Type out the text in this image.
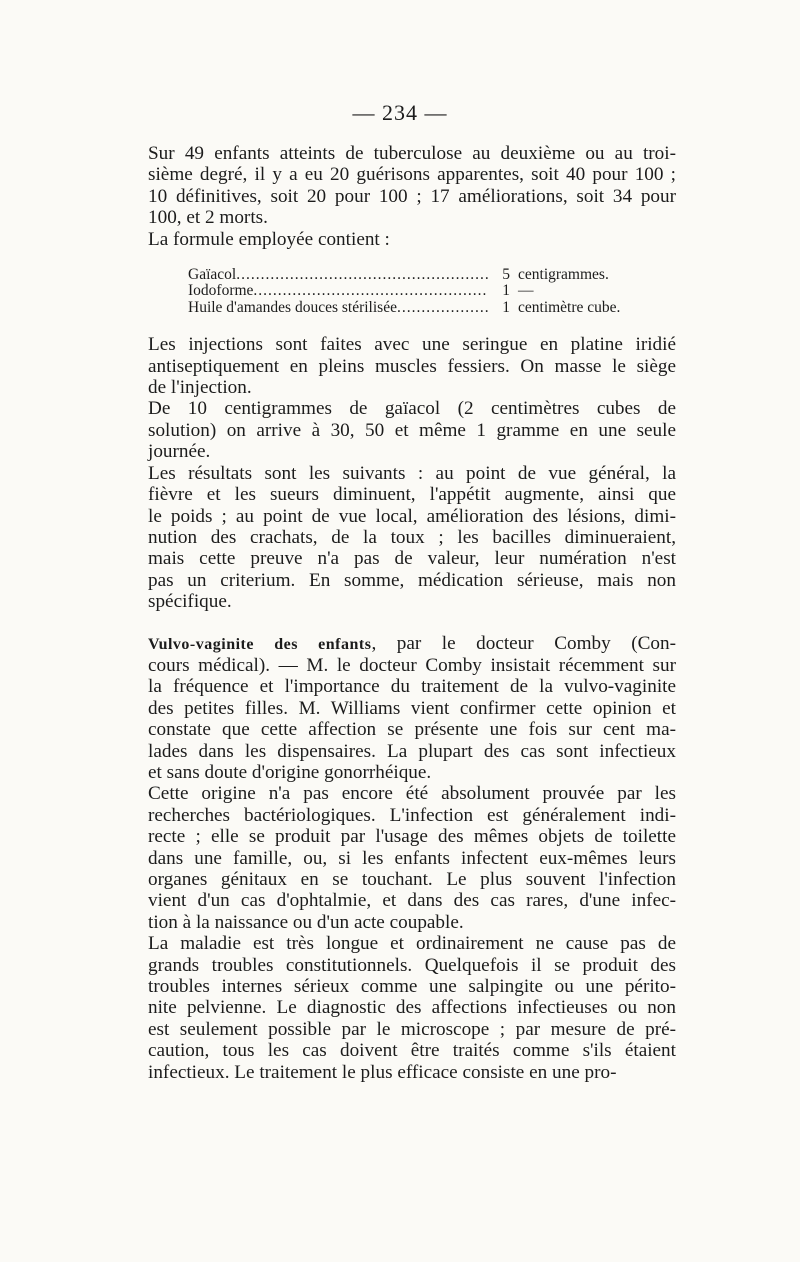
— 234 —

Sur 49 enfants atteints de tuberculose au deuxième ou au troi-
sième degré, il y a eu 20 guérisons apparentes, soit 40 pour 100 ;
10 définitives, soit 20 pour 100 ; 17 améliorations, soit 34 pour
100, et 2 morts.

La formule employée contient :

Gaïacol .....	5 centigrammes.
Iodoforme .....	1 —
Huile d'amandes douces stérilisée .....	1 centimètre cube.

Les injections sont faites avec une seringue en platine iridié
antiseptiquement en pleins muscles fessiers. On masse le siège
de l'injection.

De 10 centigrammes de gaïacol (2 centimètres cubes de
solution) on arrive à 30, 50 et même 1 gramme en une seule
journée.

Les résultats sont les suivants : au point de vue général, la
fièvre et les sueurs diminuent, l'appétit augmente, ainsi que
le poids ; au point de vue local, amélioration des lésions, dimi-
nution des crachats, de la toux ; les bacilles diminueraient,
mais cette preuve n'a pas de valeur, leur numération n'est
pas un criterium. En somme, médication sérieuse, mais non
spécifique.

Vulvo-vaginite des enfants, par le docteur Comby (Con-
cours médical). — M. le docteur Comby insistait récemment sur
la fréquence et l'importance du traitement de la vulvo-vaginite
des petites filles. M. Williams vient confirmer cette opinion et
constate que cette affection se présente une fois sur cent ma-
lades dans les dispensaires. La plupart des cas sont infectieux
et sans doute d'origine gonorrhéique.

Cette origine n'a pas encore été absolument prouvée par les
recherches bactériologiques. L'infection est généralement indi-
recte ; elle se produit par l'usage des mêmes objets de toilette
dans une famille, ou, si les enfants infectent eux-mêmes leurs
organes génitaux en se touchant. Le plus souvent l'infection
vient d'un cas d'ophtalmie, et dans des cas rares, d'une infec-
tion à la naissance ou d'un acte coupable.

La maladie est très longue et ordinairement ne cause pas de
grands troubles constitutionnels. Quelquefois il se produit des
troubles internes sérieux comme une salpingite ou une périto-
nite pelvienne. Le diagnostic des affections infectieuses ou non
est seulement possible par le microscope ; par mesure de pré-
caution, tous les cas doivent être traités comme s'ils étaient
infectieux. Le traitement le plus efficace consiste en une pro-
